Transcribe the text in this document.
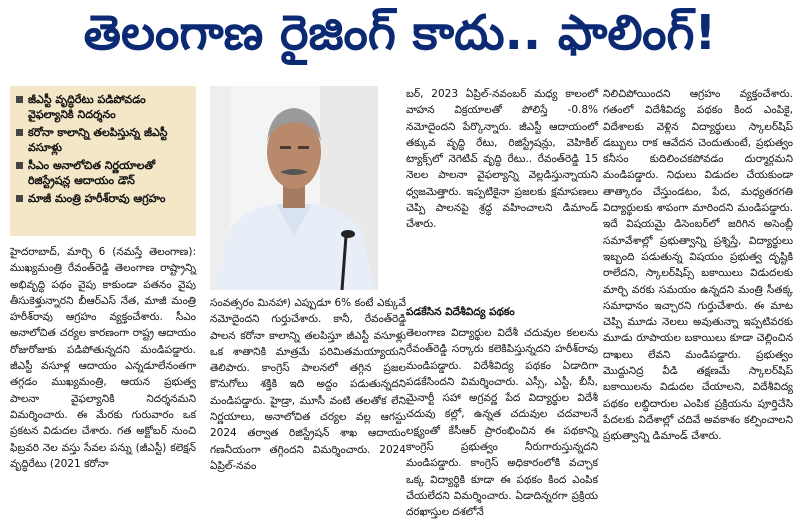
తెలంగాణ రైజింగ్ కాదు.. ఫాలింగ్!
జీఎస్టీ వృద్ధిరేటు పడిపోవడం వైఫల్యానికి నిదర్శనం
కరోనా కాలాన్ని తలపిస్తున్న జీఎస్టీ వసూళ్లు
సీఎం అనాలోచిత నిర్ణయాలతో రిజిస్ట్రేషన్ల ఆదాయం డౌన్
మాజీ మంత్రి హరీశ్‌రావు ఆగ్రహం

హైదరాబాద్, మార్చి 6 (నమస్తే తెలంగాణ): ముఖ్యమంత్రి రేవంత్‌రెడ్డి తెలంగాణ రాష్ట్రాన్ని అభివృద్ధి పథం వైపు కాకుండా పతనం వైపు తీసుకెళ్తున్నారని బీఆర్‌ఎస్ నేత, మాజీ మంత్రి హరీశ్‌రావు ఆగ్రహం వ్యక్తంచేశారు. సీఎం అనాలోచిత చర్యల కారణంగా రాష్ట్ర ఆదాయం రోజురోజుకు పడిపోతున్నదని మండిపడ్డారు. జీఎస్టీ వసూళ్ల ఆదాయం ఎన్నడూలేనంతగా తగ్గడం ముఖ్యమంత్రి, ఆయన ప్రభుత్వ పాలనా వైఫల్యానికి నిదర్శనమని విమర్శించారు. ఈ మేరకు గురువారం ఒక ప్రకటన విడుదల చేశారు. గత అక్టోబర్ నుంచి ఫిబ్రవరి నెల వస్తు సేవల పన్ను (జీఎస్టీ) కలెక్షన్ వృద్ధిరేటు (2021 కరోనా

బర్, 2023 ఏప్రిల్-నవంబర్ మధ్య కాలంలో వాహన విక్రయాలతో పోలిస్తే -0.8% నమోదైందని పేర్కొన్నారు. జీఎస్టీ ఆదాయంలో తక్కువ వృద్ధి రేటు, రిజిస్ట్రేషన్లు, వెహికిల్ ట్యాక్స్‌లో నెగెటివ్ వృద్ధి రేటు.. రేవంత్‌రెడ్డి 15 నెలల పాలనా వైఫల్యాన్ని వెల్లడిస్తున్నాయని ధ్వజమెత్తారు. ఇప్పటికైనా ప్రజలకు క్షమాపణలు చెప్పి పాలనపై శ్రద్ధ వహించాలని డిమాండ్ చేశారు.

సంవత్సరం మినహా) ఎప్పుడూ 6% కంటే ఎక్కువే నమోదైందని గుర్తుచేశారు. కానీ, రేవంత్‌రెడ్డి పాలన కరోనా కాలాన్ని తలపిస్తూ జీఎస్టీ వసూళ్లు ఒక శాతానికి మాత్రమే పరిమితమయ్యాయని తెలిపారు. కాంగ్రెస్ పాలనలో తగ్గిన ప్రజల కొనుగోలు శక్తికి ఇది అద్దం పడుతున్నదని మండిపడ్డారు. హైడ్రా, మూసీ వంటి తలతోక లేని నిర్ణయాలు, అనాలోచిత చర్యల వల్ల ఆగస్టు 2024 తర్వాత రిజిస్ట్రేషన్ శాఖ ఆదాయం గణనీయంగా తగ్గిందని విమర్శించారు. 2024 ఏప్రిల్-నవం

పడకేసిన విదేశీవిద్య పథకం

తెలంగాణ విద్యార్థుల విదేశీ చదువుల కలలను రేవంత్‌రెడ్డి సర్కారు కలెకిపిస్తున్నదని హరీశ్‌రావు మండిపడ్డారు. విదేశీవిద్య పథకం ఏడాదిగా పడకేసిందని విమర్శించారు. ఎస్సీ, ఎస్టీ, బీసీ, మైనార్టీ సహా అగ్రవర్ణ పేద విద్యార్థుల విదేశీ చదువు కల్లో, ఉన్నత చదువుల చదవాలనే లక్ష్యంతో కేసీఆర్ ప్రారంభించిన ఈ పథకాన్ని కాంగ్రెస్ ప్రభుత్వం నీరుగారుస్తున్నదని మండిపడ్డారు. కాంగ్రెస్ అధికారంలోకి వచ్చాక ఒక్క విద్యార్థికి కూడా ఈ పథకం కింద ఎంపిక చేయలేదని విమర్శించారు. ఏడాదిన్నరగా ప్రక్రియ దరఖాస్తుల దశలోనే

నిలిచిపోయిందని ఆగ్రహం వ్యక్తంచేశారు. గతంలో విదేశీవిద్య పథకం కింద ఎంపికై, విదేశాలకు వెళ్లిన విద్యార్థులు స్కాలర్‌షిప్ డబ్బులు రాక ఆవేదన చెందుతుంటే, ప్రభుత్వం కనీసం కుదిలించకపోవడం దుర్మార్గమని మండిపడ్డారు. నిధులు విడుదల చేయకుండా తాత్కారం చేస్తుండటం, పేద, మధ్యతరగతి విద్యార్థులకు శాపంగా మారిందని మండిపడ్డారు. ఇదే విషయమై డిసెంబర్‌లో జరిగిన అసెంబ్లీ సమావేశాల్లో ప్రభుత్వాన్ని ప్రశ్నిస్తే, విద్యార్థులు ఇబ్బంది పడుతున్న విషయం ప్రభుత్వ దృష్టికి రాలేదని, స్కాలర్‌షిప్స్ బకాయిలు విడుదలకు మార్చి వరకు సమయం ఉన్నదని మంత్రి సీతక్క సమాధానం ఇచ్చారని గుర్తుచేశారు. ఈ మాట చెప్పి మూడు నెలలు అవుతున్నా ఇప్పటివరకు మూడు రూపాయల బకాయిలు కూడా చెల్లించిన దాఖలు లేవని మండిపడ్డారు. ప్రభుత్వం మొద్దునిద్ర వీడి తక్షణమే స్కాలర్‌షిప్ బకాయిలను విడుదల చేయాలని, విదేశీవిద్య పథకం లబ్ధిదారుల ఎంపిక ప్రక్రియను పూర్తిచేసి పేదలకు విదేశాల్లో చదివే అవకాశం కల్పించాలని ప్రభుత్వాన్ని డిమాండ్ చేశారు.
